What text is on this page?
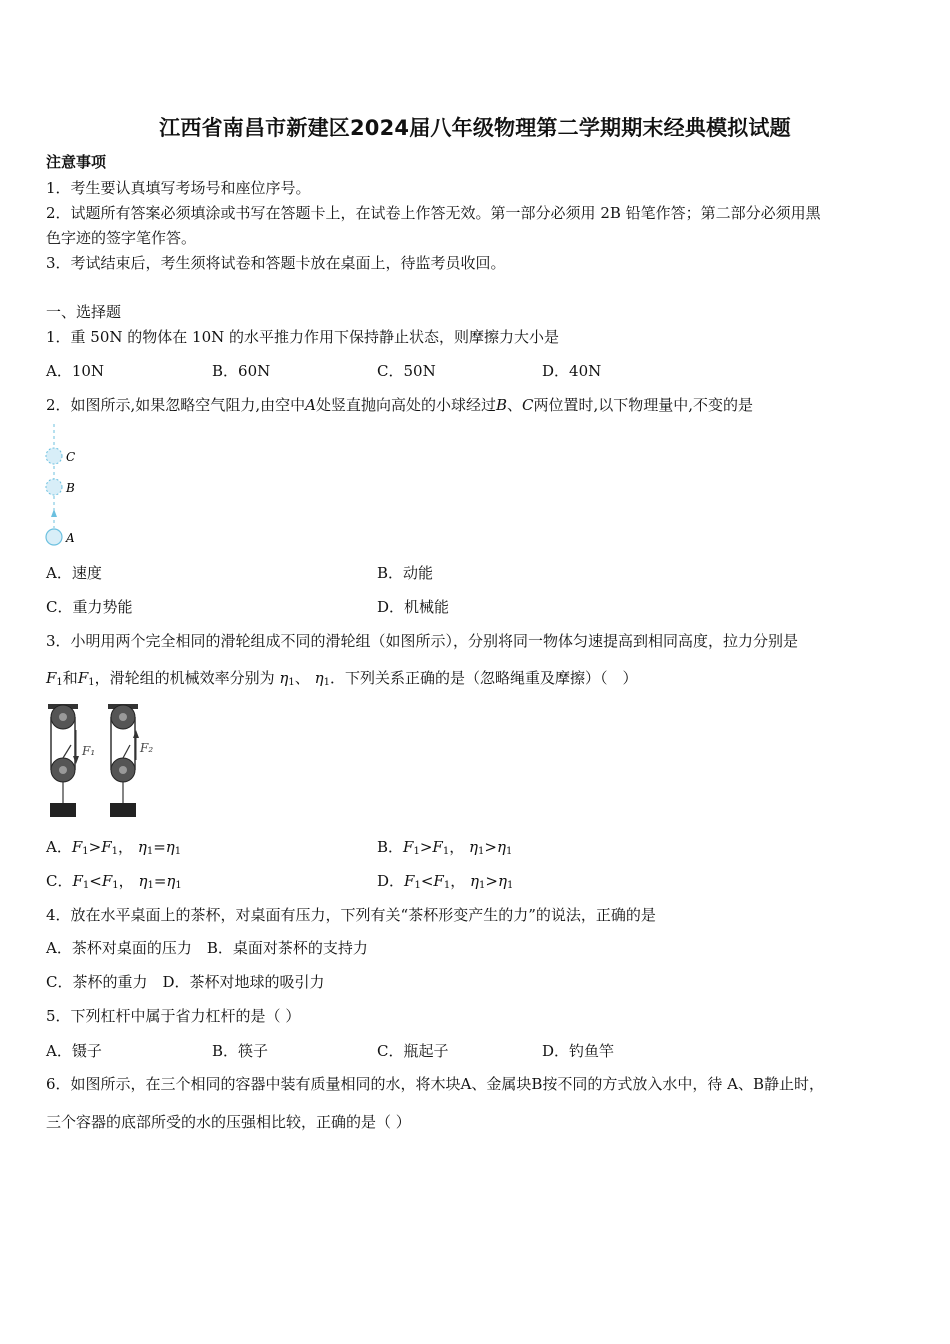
江西省南昌市新建区2024届八年级物理第二学期期末经典模拟试题
注意事项
1．考生要认真填写考场号和座位序号。
2．试题所有答案必须填涂或书写在答题卡上，在试卷上作答无效。第一部分必须用 2B 铅笔作答；第二部分必须用黑
色字迹的签字笔作答。
3．考试结束后，考生须将试卷和答题卡放在桌面上，待监考员收回。
一、选择题
1．重 50N 的物体在 10N 的水平推力作用下保持静止状态，则摩擦力大小是
A．10N	B．60N	C．50N	D．40N
2．如图所示,如果忽略空气阻力,由空中A处竖直抛向高处的小球经过B、C两位置时,以下物理量中,不变的是
C
B
A
A．速度	B．动能
C．重力势能	D．机械能
3．小明用两个完全相同的滑轮组成不同的滑轮组（如图所示），分别将同一物体匀速提高到相同高度，拉力分别是
$F_1$和$F_1$，滑轮组的机械效率分别为 $\eta_1$、 $\eta_1$．下列关系正确的是（忽略绳重及摩擦）（　）
F₁	F₂
A．$F_1>F_1$， $\eta_1=\eta_1$	B．$F_1>F_1$， $\eta_1>\eta_1$
C．$F_1<F_1$， $\eta_1=\eta_1$	D．$F_1<F_1$， $\eta_1>\eta_1$
4．放在水平桌面上的茶杯，对桌面有压力，下列有关“茶杯形变产生的力”的说法，正确的是
A．茶杯对桌面的压力　B．桌面对茶杯的支持力
C．茶杯的重力　D．茶杯对地球的吸引力
5．下列杠杆中属于省力杠杆的是（ ）
A．镊子	B．筷子	C．瓶起子	D．钓鱼竿
6．如图所示，在三个相同的容器中装有质量相同的水，将木块A、金属块B按不同的方式放入水中，待 A、B静止时，
三个容器的底部所受的水的压强相比较，正确的是（ ）
